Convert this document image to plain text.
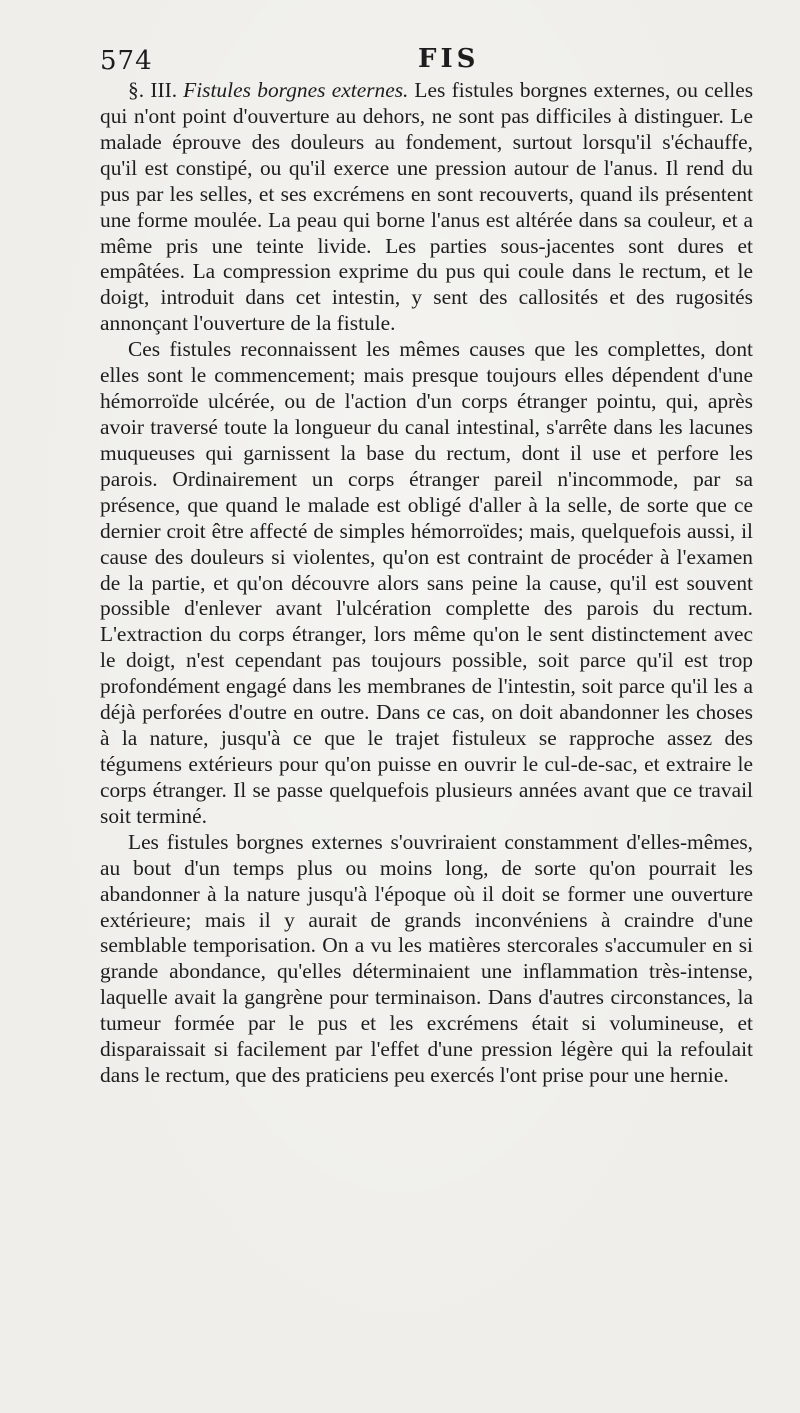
574	FIS

§. III. Fistules borgnes externes. Les fistules borgnes externes, ou celles qui n'ont point d'ouverture au dehors, ne sont pas difficiles à distinguer. Le malade éprouve des douleurs au fondement, surtout lorsqu'il s'échauffe, qu'il est constipé, ou qu'il exerce une pression autour de l'anus. Il rend du pus par les selles, et ses excrémens en sont recouverts, quand ils présentent une forme moulée. La peau qui borne l'anus est altérée dans sa couleur, et a même pris une teinte livide. Les parties sous-jacentes sont dures et empâtées. La compression exprime du pus qui coule dans le rectum, et le doigt, introduit dans cet intestin, y sent des callosités et des rugosités annonçant l'ouverture de la fistule.

Ces fistules reconnaissent les mêmes causes que les complettes, dont elles sont le commencement; mais presque toujours elles dépendent d'une hémorroïde ulcérée, ou de l'action d'un corps étranger pointu, qui, après avoir traversé toute la longueur du canal intestinal, s'arrête dans les lacunes muqueuses qui garnissent la base du rectum, dont il use et perfore les parois. Ordinairement un corps étranger pareil n'incommode, par sa présence, que quand le malade est obligé d'aller à la selle, de sorte que ce dernier croit être affecté de simples hémorroïdes; mais, quelquefois aussi, il cause des douleurs si violentes, qu'on est contraint de procéder à l'examen de la partie, et qu'on découvre alors sans peine la cause, qu'il est souvent possible d'enlever avant l'ulcération complette des parois du rectum. L'extraction du corps étranger, lors même qu'on le sent distinctement avec le doigt, n'est cependant pas toujours possible, soit parce qu'il est trop profondément engagé dans les membranes de l'intestin, soit parce qu'il les a déjà perforées d'outre en outre. Dans ce cas, on doit abandonner les choses à la nature, jusqu'à ce que le trajet fistuleux se rapproche assez des tégumens extérieurs pour qu'on puisse en ouvrir le cul-de-sac, et extraire le corps étranger. Il se passe quelquefois plusieurs années avant que ce travail soit terminé.

Les fistules borgnes externes s'ouvriraient constamment d'elles-mêmes, au bout d'un temps plus ou moins long, de sorte qu'on pourrait les abandonner à la nature jusqu'à l'époque où il doit se former une ouverture extérieure; mais il y aurait de grands inconvéniens à craindre d'une semblable temporisation. On a vu les matières stercorales s'accumuler en si grande abondance, qu'elles déterminaient une inflammation très-intense, laquelle avait la gangrène pour terminaison. Dans d'autres circonstances, la tumeur formée par le pus et les excrémens était si volumineuse, et disparaissait si facilement par l'effet d'une pression légère qui la refoulait dans le rectum, que des praticiens peu exercés l'ont prise pour une hernie.
